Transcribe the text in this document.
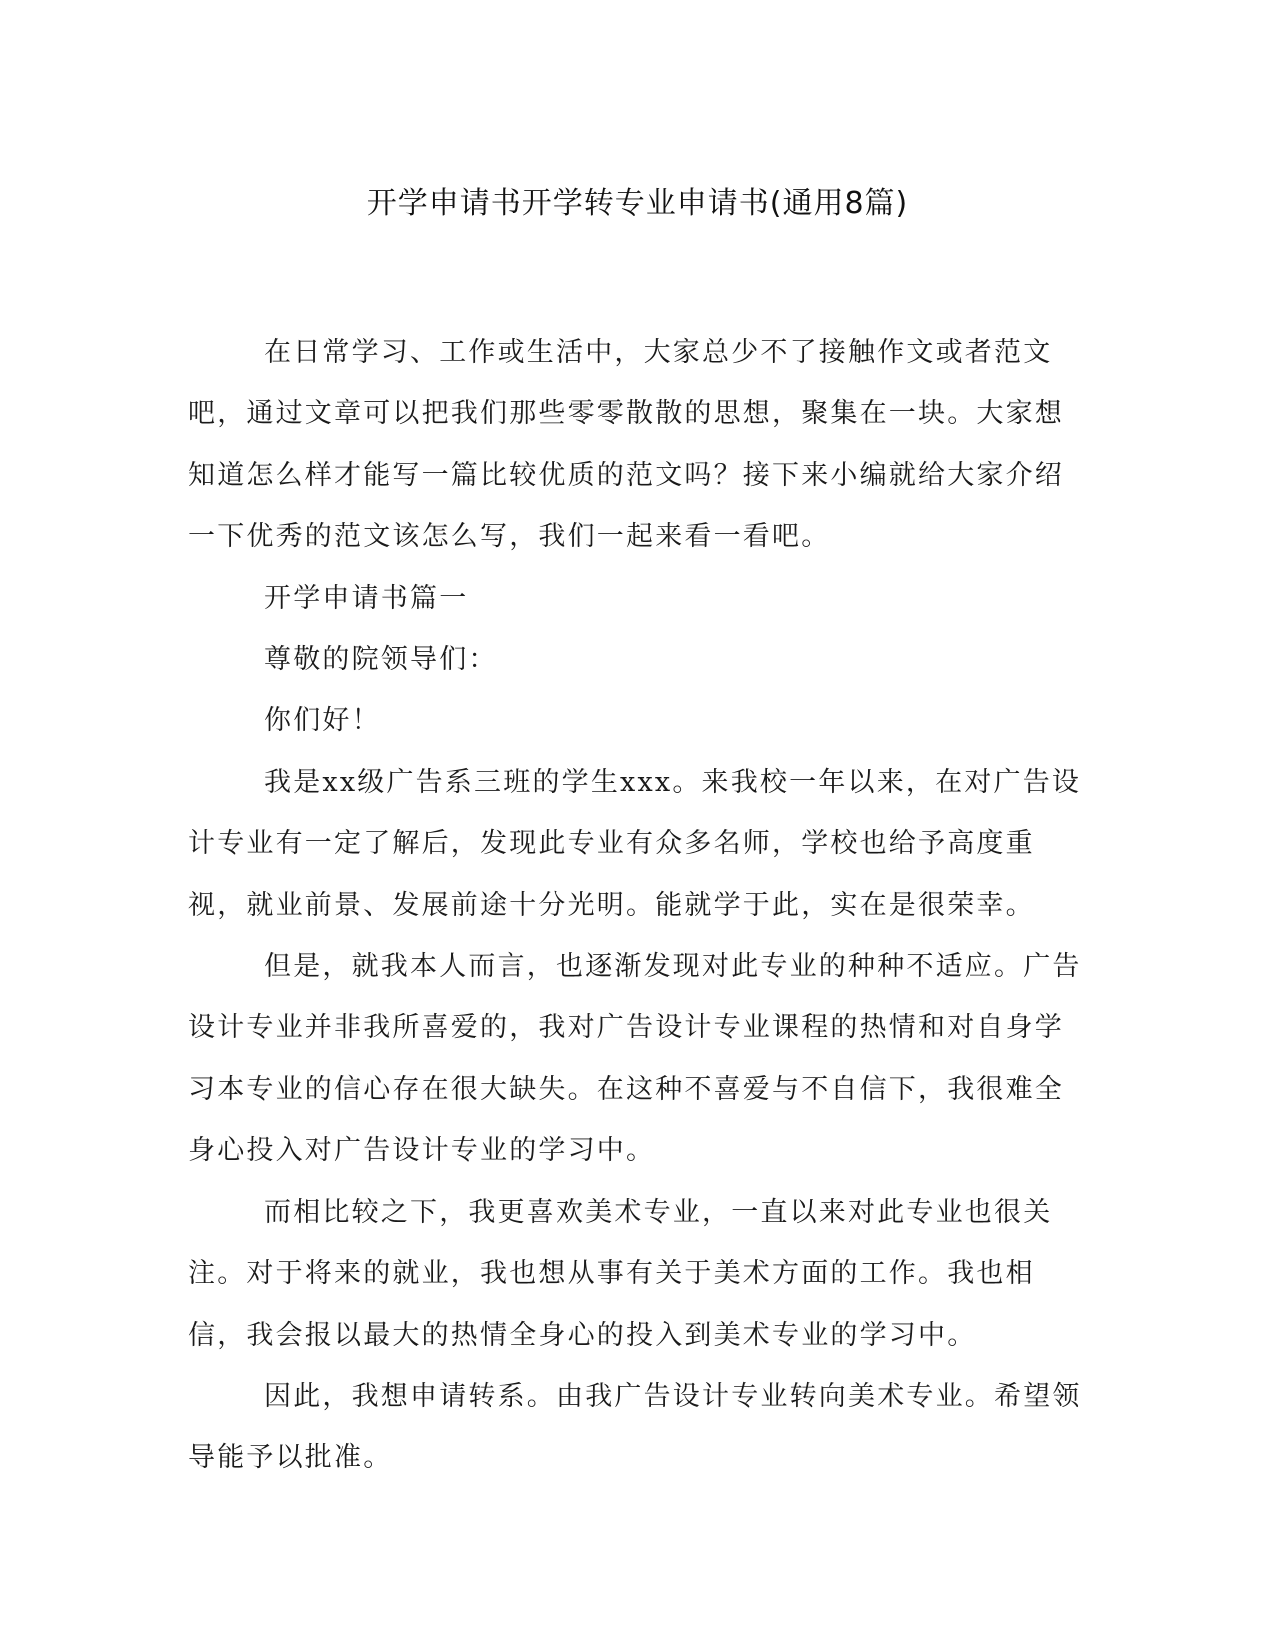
开学申请书开学转专业申请书(通用8篇)

在日常学习、工作或生活中，大家总少不了接触作文或者范文吧，通过文章可以把我们那些零零散散的思想，聚集在一块。大家想知道怎么样才能写一篇比较优质的范文吗？接下来小编就给大家介绍一下优秀的范文该怎么写，我们一起来看一看吧。

开学申请书篇一

尊敬的院领导们：

你们好！

我是xx级广告系三班的学生xxx。来我校一年以来，在对广告设计专业有一定了解后，发现此专业有众多名师，学校也给予高度重视，就业前景、发展前途十分光明。能就学于此，实在是很荣幸。

但是，就我本人而言，也逐渐发现对此专业的种种不适应。广告设计专业并非我所喜爱的，我对广告设计专业课程的热情和对自身学习本专业的信心存在很大缺失。在这种不喜爱与不自信下，我很难全身心投入对广告设计专业的学习中。

而相比较之下，我更喜欢美术专业，一直以来对此专业也很关注。对于将来的就业，我也想从事有关于美术方面的工作。我也相信，我会报以最大的热情全身心的投入到美术专业的学习中。

因此，我想申请转系。由我广告设计专业转向美术专业。希望领导能予以批准。
